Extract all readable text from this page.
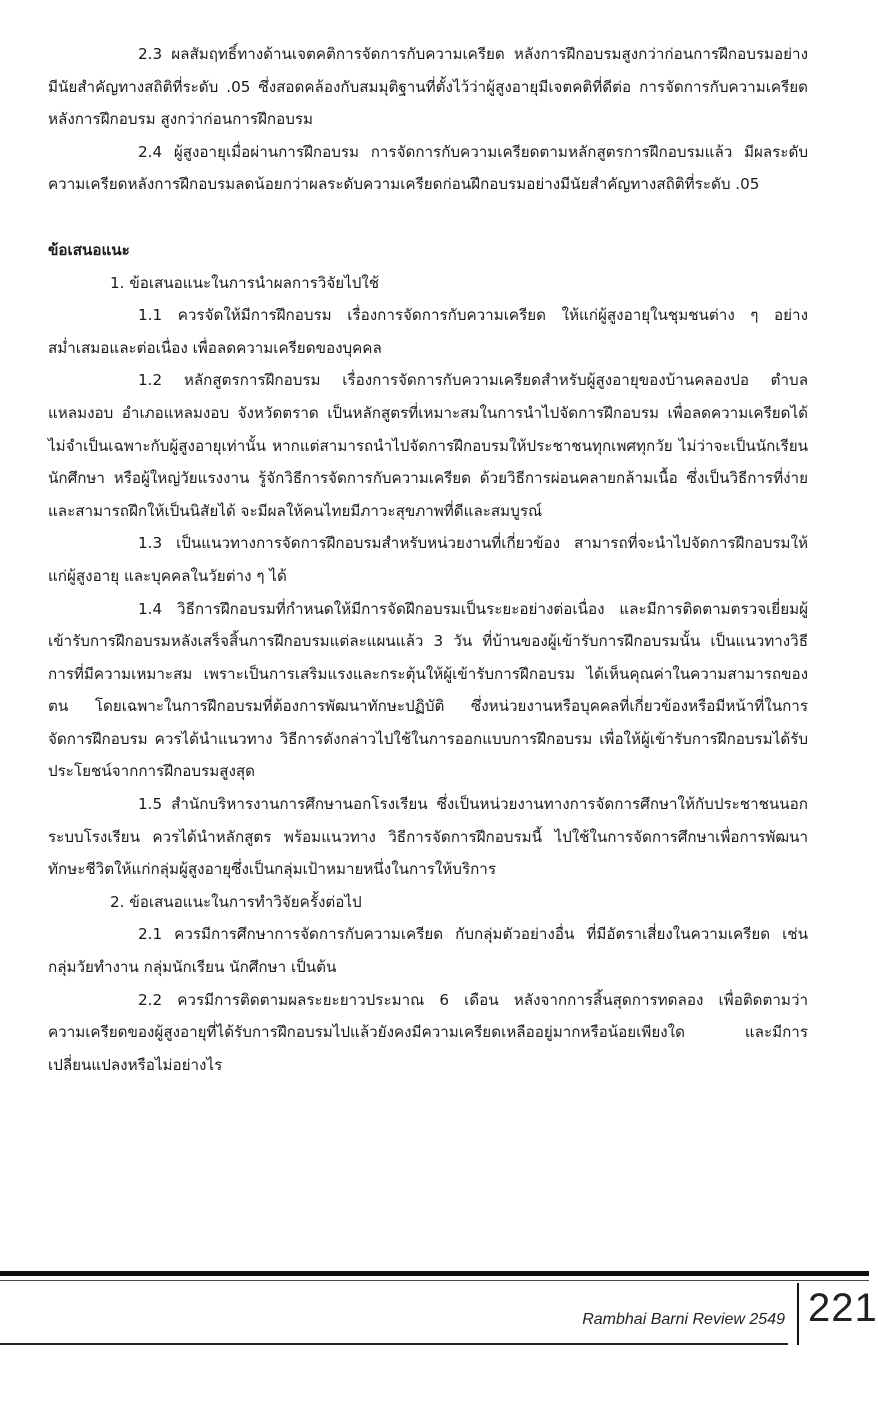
2.3 ผลสัมฤทธิ์ทางด้านเจตคติการจัดการกับความเครียด หลังการฝึกอบรมสูงกว่าก่อนการฝึกอบรมอย่างมีนัยสำคัญทางสถิติที่ระดับ .05 ซึ่งสอดคล้องกับสมมุติฐานที่ตั้งไว้ว่าผู้สูงอายุมีเจตคติที่ดีต่อ การจัดการกับความเครียด หลังการฝึกอบรม สูงกว่าก่อนการฝึกอบรม

2.4 ผู้สูงอายุเมื่อผ่านการฝึกอบรม การจัดการกับความเครียดตามหลักสูตรการฝึกอบรมแล้ว มีผลระดับความเครียดหลังการฝึกอบรมลดน้อยกว่าผลระดับความเครียดก่อนฝึกอบรมอย่างมีนัยสำคัญทางสถิติที่ระดับ .05

ข้อเสนอแนะ

1. ข้อเสนอแนะในการนำผลการวิจัยไปใช้

1.1 ควรจัดให้มีการฝึกอบรม เรื่องการจัดการกับความเครียด ให้แก่ผู้สูงอายุในชุมชนต่าง ๆ อย่างสม่ำเสมอและต่อเนื่อง เพื่อลดความเครียดของบุคคล

1.2 หลักสูตรการฝึกอบรม เรื่องการจัดการกับความเครียดสำหรับผู้สูงอายุของบ้านคลองปอ ตำบลแหลมงอบ อำเภอแหลมงอบ จังหวัดตราด เป็นหลักสูตรที่เหมาะสมในการนำไปจัดการฝึกอบรม เพื่อลดความเครียดได้ ไม่จำเป็นเฉพาะกับผู้สูงอายุเท่านั้น หากแต่สามารถนำไปจัดการฝึกอบรมให้ประชาชนทุกเพศทุกวัย ไม่ว่าจะเป็นนักเรียน นักศึกษา หรือผู้ใหญ่วัยแรงงาน รู้จักวิธีการจัดการกับความเครียด ด้วยวิธีการผ่อนคลายกล้ามเนื้อ ซึ่งเป็นวิธีการที่ง่ายและสามารถฝึกให้เป็นนิสัยได้ จะมีผลให้คนไทยมีภาวะสุขภาพที่ดีและสมบูรณ์

1.3 เป็นแนวทางการจัดการฝึกอบรมสำหรับหน่วยงานที่เกี่ยวข้อง สามารถที่จะนำไปจัดการฝึกอบรมให้แก่ผู้สูงอายุ และบุคคลในวัยต่าง ๆ ได้

1.4 วิธีการฝึกอบรมที่กำหนดให้มีการจัดฝึกอบรมเป็นระยะอย่างต่อเนื่อง และมีการติดตามตรวจเยี่ยมผู้เข้ารับการฝึกอบรมหลังเสร็จสิ้นการฝึกอบรมแต่ละแผนแล้ว 3 วัน ที่บ้านของผู้เข้ารับการฝึกอบรมนั้น เป็นแนวทางวิธีการที่มีความเหมาะสม เพราะเป็นการเสริมแรงและกระตุ้นให้ผู้เข้ารับการฝึกอบรม ได้เห็นคุณค่าในความสามารถของตน โดยเฉพาะในการฝึกอบรมที่ต้องการพัฒนาทักษะปฏิบัติ ซึ่งหน่วยงานหรือบุคคลที่เกี่ยวข้องหรือมีหน้าที่ในการจัดการฝึกอบรม ควรได้นำแนวทาง วิธีการดังกล่าวไปใช้ในการออกแบบการฝึกอบรม เพื่อให้ผู้เข้ารับการฝึกอบรมได้รับประโยชน์จากการฝึกอบรมสูงสุด

1.5 สำนักบริหารงานการศึกษานอกโรงเรียน ซึ่งเป็นหน่วยงานทางการจัดการศึกษาให้กับประชาชนนอกระบบโรงเรียน ควรได้นำหลักสูตร พร้อมแนวทาง วิธีการจัดการฝึกอบรมนี้ ไปใช้ในการจัดการศึกษาเพื่อการพัฒนาทักษะชีวิตให้แก่กลุ่มผู้สูงอายุซึ่งเป็นกลุ่มเป้าหมายหนึ่งในการให้บริการ

2. ข้อเสนอแนะในการทำวิจัยครั้งต่อไป

2.1 ควรมีการศึกษาการจัดการกับความเครียด กับกลุ่มตัวอย่างอื่น ที่มีอัตราเสี่ยงในความเครียด เช่น กลุ่มวัยทำงาน กลุ่มนักเรียน นักศึกษา เป็นต้น

2.2 ควรมีการติดตามผลระยะยาวประมาณ 6 เดือน หลังจากการสิ้นสุดการทดลอง เพื่อติดตามว่าความเครียดของผู้สูงอายุที่ได้รับการฝึกอบรมไปแล้วยังคงมีความเครียดเหลืออยู่มากหรือน้อยเพียงใด และมีการเปลี่ยนแปลงหรือไม่อย่างไร

Rambhai Barni Review 2549 221
